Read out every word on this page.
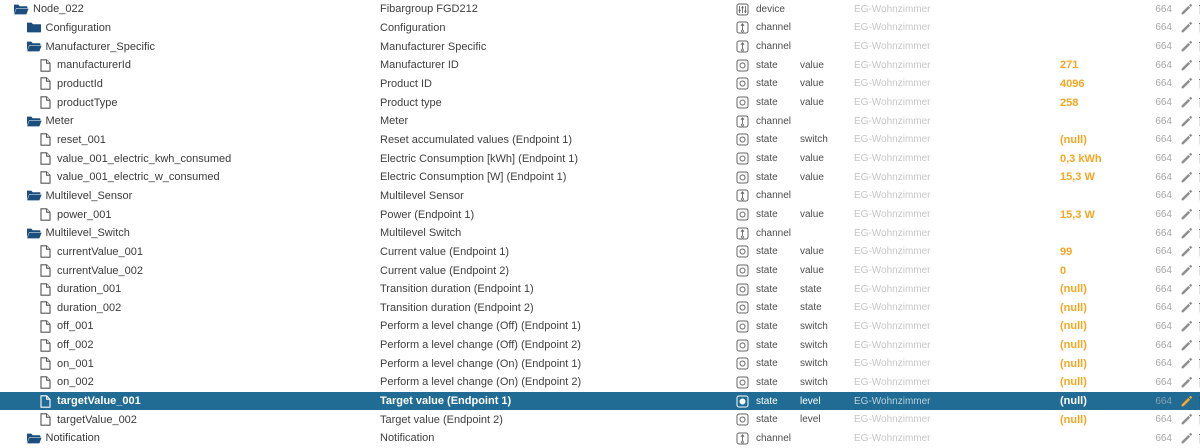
Node_022	Fibargroup FGD212	device	EG-Wohnzimmer	664
Configuration	Configuration	channel	EG-Wohnzimmer	664
Manufacturer_Specific	Manufacturer Specific	channel	EG-Wohnzimmer	664
manufacturerId	Manufacturer ID	state	value	EG-Wohnzimmer	271	664
productId	Product ID	state	value	EG-Wohnzimmer	4096	664
productType	Product type	state	value	EG-Wohnzimmer	258	664
Meter	Meter	channel	EG-Wohnzimmer	664
reset_001	Reset accumulated values (Endpoint 1)	state	switch	EG-Wohnzimmer	(null)	664
value_001_electric_kwh_consumed	Electric Consumption [kWh] (Endpoint 1)	state	value	EG-Wohnzimmer	0,3 kWh	664
value_001_electric_w_consumed	Electric Consumption [W] (Endpoint 1)	state	value	EG-Wohnzimmer	15,3 W	664
Multilevel_Sensor	Multilevel Sensor	channel	EG-Wohnzimmer	664
power_001	Power (Endpoint 1)	state	value	EG-Wohnzimmer	15,3 W	664
Multilevel_Switch	Multilevel Switch	channel	EG-Wohnzimmer	664
currentValue_001	Current value (Endpoint 1)	state	value	EG-Wohnzimmer	99	664
currentValue_002	Current value (Endpoint 2)	state	value	EG-Wohnzimmer	0	664
duration_001	Transition duration (Endpoint 1)	state	state	EG-Wohnzimmer	(null)	664
duration_002	Transition duration (Endpoint 2)	state	state	EG-Wohnzimmer	(null)	664
off_001	Perform a level change (Off) (Endpoint 1)	state	switch	EG-Wohnzimmer	(null)	664
off_002	Perform a level change (Off) (Endpoint 2)	state	switch	EG-Wohnzimmer	(null)	664
on_001	Perform a level change (On) (Endpoint 1)	state	switch	EG-Wohnzimmer	(null)	664
on_002	Perform a level change (On) (Endpoint 2)	state	switch	EG-Wohnzimmer	(null)	664
targetValue_001	Target value (Endpoint 1)	state	level	EG-Wohnzimmer	(null)	664
targetValue_002	Target value (Endpoint 2)	state	level	EG-Wohnzimmer	(null)	664
Notification	Notification	channel	EG-Wohnzimmer	664
